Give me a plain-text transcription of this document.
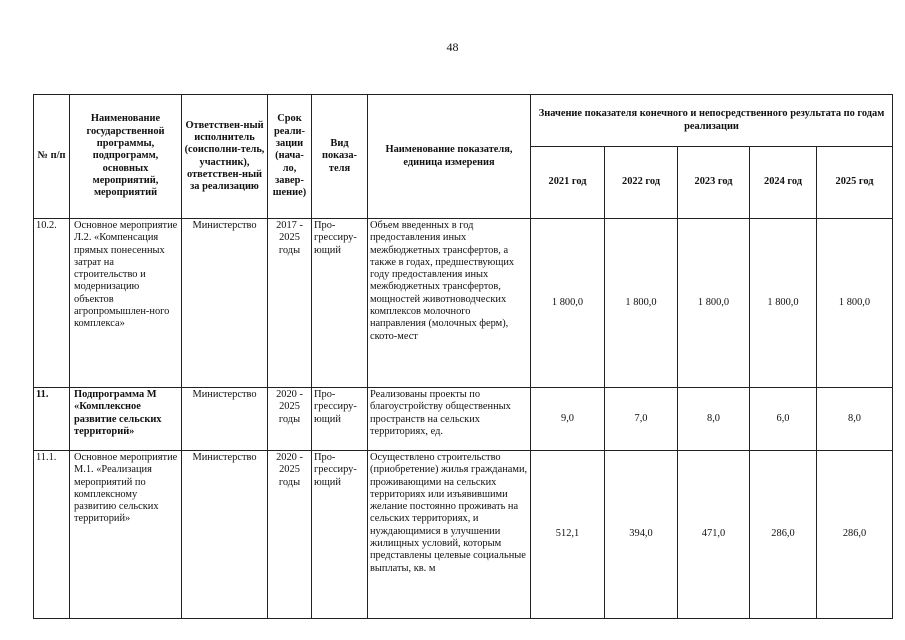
48
№ п/п	Наименование государственной программы, подпрограмм, основных мероприятий, мероприятий	Ответствен-ный исполнитель (соисполни-тель, участник), ответствен-ный за реализацию	Срок реали-зации (нача-ло, завер-шение)	Вид показа-теля	Наименование показателя, единица измерения	Значение показателя конечного и непосредственного результата по годам реализации				
						2021 год	2022 год	2023 год	2024 год	2025 год
10.2.	Основное мероприятие Л.2. «Компенсация прямых понесенных затрат на строительство и модернизацию объектов агропромышлен-ного комплекса»	Министерство	2017 - 2025 годы	Про-грессиру-ющий	Объем введенных в год предоставления иных межбюджетных трансфертов, а также в годах, предшествующих году предоставления иных межбюджетных трансфертов, мощностей животноводческих комплексов молочного направления (молочных ферм), ското-мест	1 800,0	1 800,0	1 800,0	1 800,0	1 800,0
11.	Подпрограмма М «Комплексное развитие сельских территорий»	Министерство	2020 - 2025 годы	Про-грессиру-ющий	Реализованы проекты по благоустройству общественных пространств на сельских территориях, ед.	9,0	7,0	8,0	6,0	8,0
11.1.	Основное мероприятие М.1. «Реализация мероприятий по комплексному развитию сельских территорий»	Министерство	2020 - 2025 годы	Про-грессиру-ющий	Осуществлено строительство (приобретение) жилья гражданами, проживающими на сельских территориях или изъявившими желание постоянно проживать на сельских территориях, и нуждающимися в улучшении жилищных условий, которым представлены целевые социальные выплаты, кв. м	512,1	394,0	471,0	286,0	286,0
